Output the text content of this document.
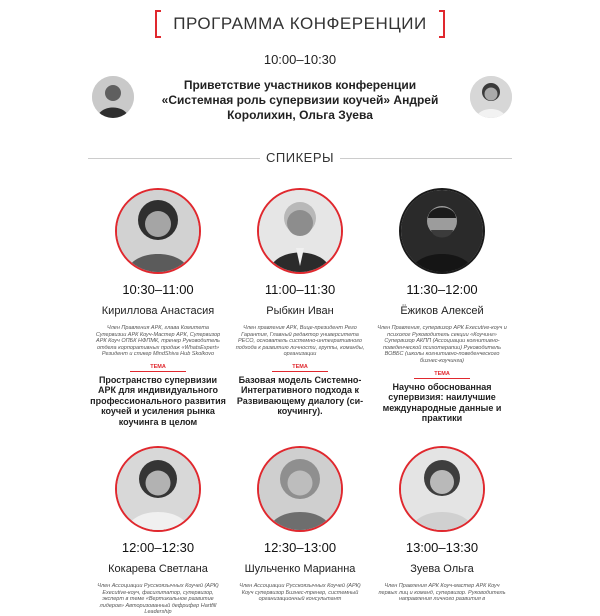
ПРОГРАММА КОНФЕРЕНЦИИ
10:00–10:30
Приветствие участников конференции «Системная роль супервизии коучей» Андрей Королихин, Ольга Зуева
СПИКЕРЫ
10:30–11:00
Кириллова Анастасия
Член Правления АРК, глава Комитета Супервизии АРК Коуч-Мастер АРК, Супервизор АРК Коуч ОПБК НФПМК, тренер Руководитель отдела корпоративных продаж «WhatsExpert» Резидент и спикер MindShiva Hub Skolkovo
ТЕМА
Пространство супервизии АРК для индивидуального профессионального развития коучей и усиления рынка коучинга в целом
11:00–11:30
Рыбкин Иван
Член правления АРК, Вице-президент Рего Гарантия, Главный редактор университета РЕСО, основатель системно-интегративного подхода к развитию личности, группы, команды, организации
ТЕМА
Базовая модель Системно-Интегративного подхода к Развивающему диалогу (си-коучингу).
11:30–12:00
Ёжиков Алексей
Член Правления, супервизор АРК Executive-коуч и психолог Руководитель секции «Коучинг» Супервизор АКПП (Ассоциации когнитивно-поведенческой психотерапии) Руководитель ВОВБС (школы когнитивно-поведенческого бизнес-коучинга)
ТЕМА
Научно обоснованная супервизия: наилучшие международные данные и практики
12:00–12:30
Кокарева Светлана
Член Ассоциации Русскоязычных Коучей (АРК) Executive-коуч, фасилитатор, супервизор, эксперт в теме «Вертикальное развитие лидеров» Авторизованный дефрифер Hartfill Leadership
12:30–13:00
Шульченко Марианна
Член Ассоциации Русскоязычных Коучей (АРК) Коуч супервизор Бизнес-тренер, системный организационный консультант
13:00–13:30
Зуева Ольга
Член Правления АРК Коуч-мастер АРК Коуч первых лиц и команд, супервизор. Руководитель направления личного развития в
